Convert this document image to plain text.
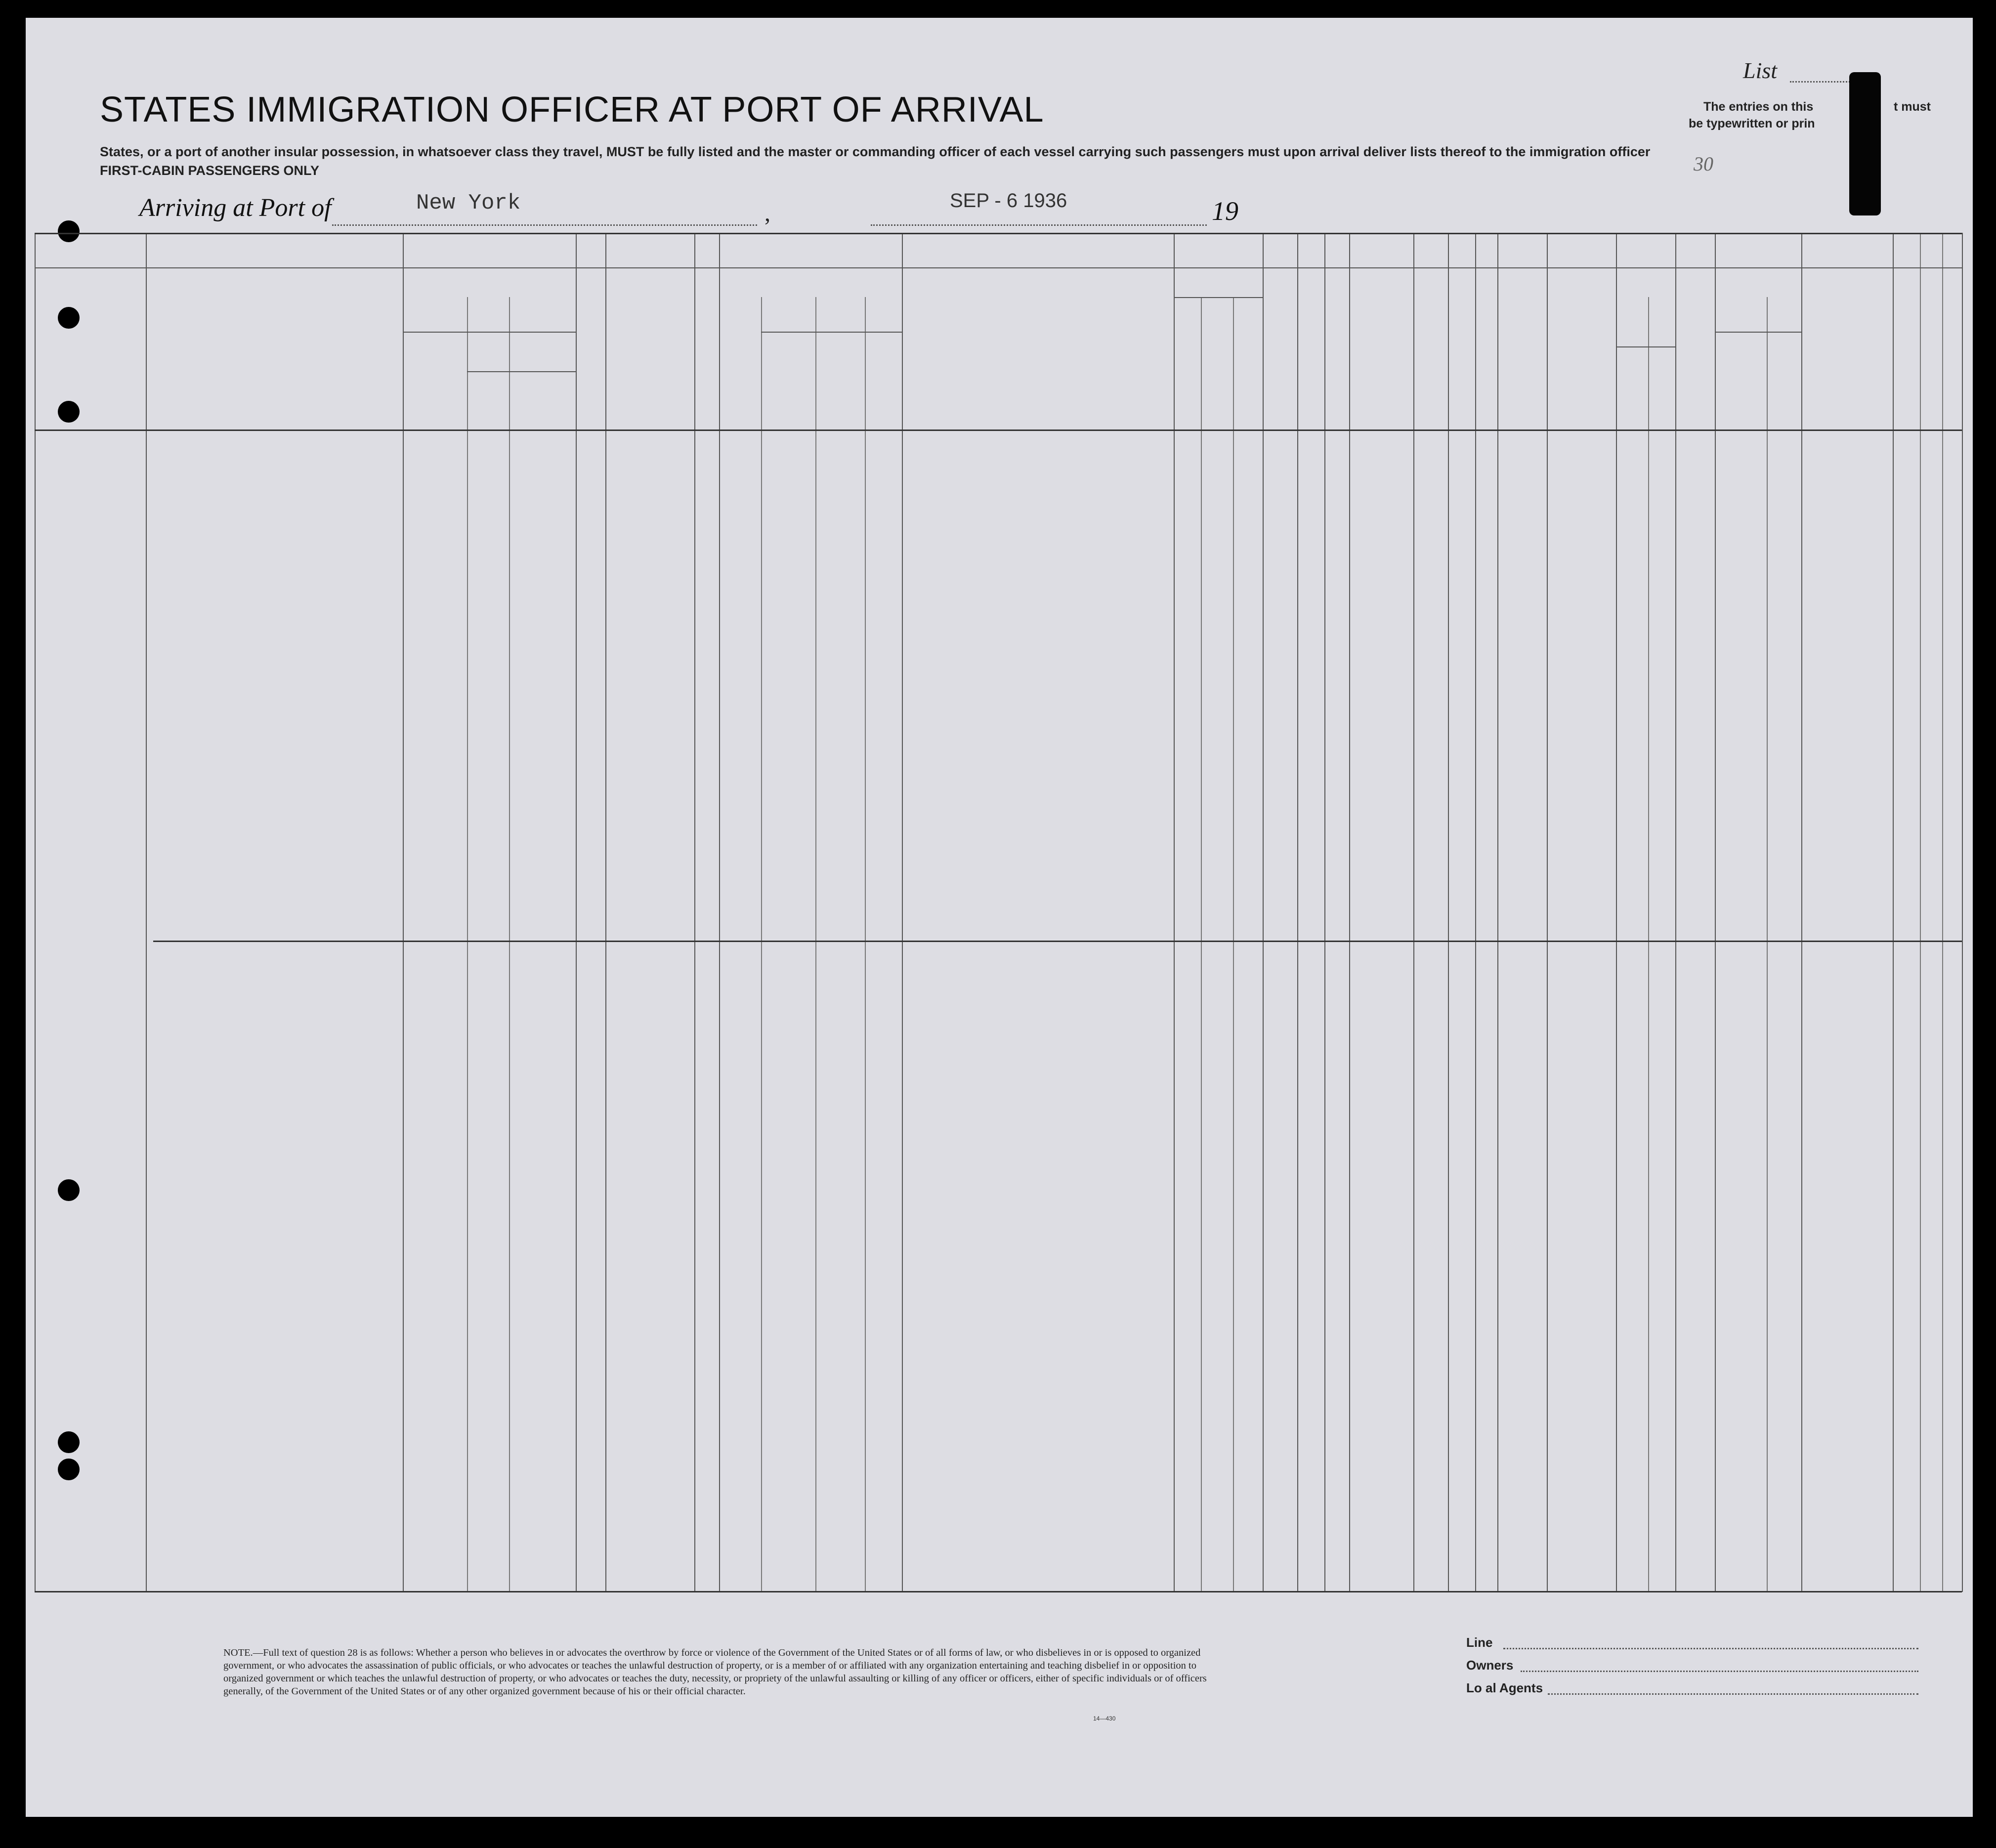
List
The entries on this	t must
be typewritten or prin
30
STATES IMMIGRATION OFFICER AT PORT OF ARRIVAL
States, or a port of another insular possession, in whatsoever class they travel, MUST be fully listed and the master or commanding officer of each vessel carrying such passengers must upon arrival deliver lists thereof to the immigration officer
FIRST-CABIN PASSENGERS ONLY
Arriving at Port of	New York	,	SEP - 6 1936	19
NOTE.—Full text of question 28 is as follows: Whether a person who believes in or advocates the overthrow by force or violence of the Government of the United States or of all forms of law, or who disbelieves in or is opposed to organized government, or who advocates the assassination of public officials, or who advocates or teaches the unlawful destruction of property, or is a member of or affiliated with any organization entertaining and teaching disbelief in or opposition to organized government or which teaches the unlawful destruction of property, or who advocates or teaches the duty, necessity, or propriety of the unlawful assaulting or killing of any officer or officers, either of specific individuals or of officers generally, of the Government of the United States or of any other organized government because of his or their official character.
14—430
Line
Owners
Lo al Agents
